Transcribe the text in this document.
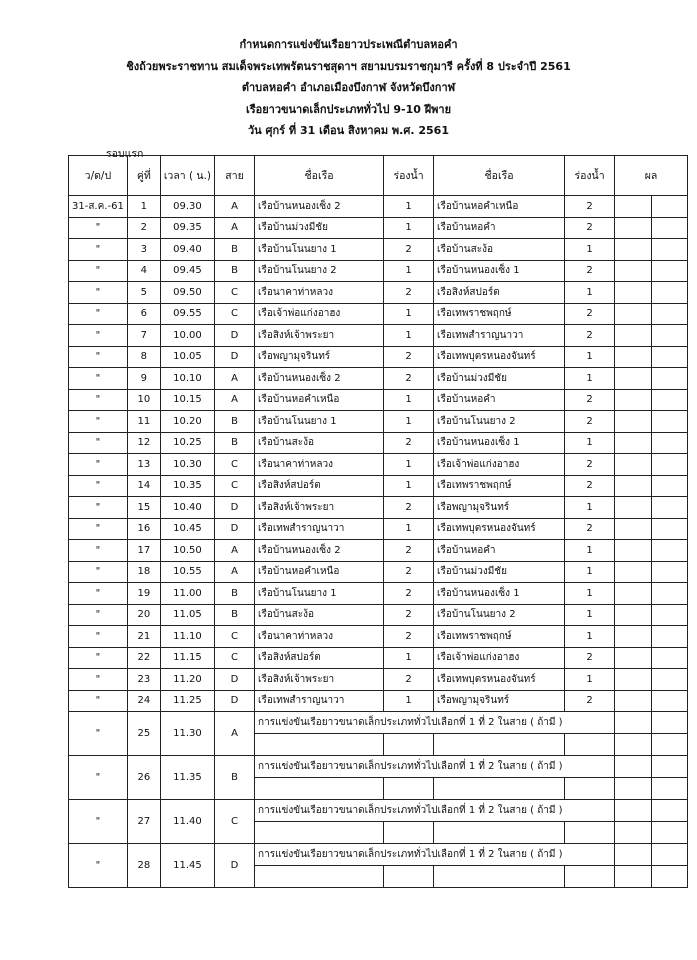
กำหนดการแข่งขันเรือยาวประเพณีตำบลหอคำ
ชิงถ้วยพระราชทาน สมเด็จพระเทพรัตนราชสุดาฯ สยามบรมราชกุมารี ครั้งที่ 8 ประจำปี 2561
ตำบลหอคำ อำเภอเมืองบึงกาฬ จังหวัดบึงกาฬ
เรือยาวขนาดเล็กประเภททั่วไป 9-10 ฝีพาย
วัน ศุกร์ ที่ 31 เดือน สิงหาคม พ.ศ. 2561
รอบแรก
ว/ด/ป	คู่ที่	เวลา ( น.)	สาย	ชื่อเรือ	ร่องน้ำ	ชื่อเรือ	ร่องน้ำ	ผล	
31-ส.ค.-61	1	09.30	A	เรือบ้านหนองเซ็ง 2	1	เรือบ้านหอคำเหนือ	2		
"	2	09.35	A	เรือบ้านม่วงมีชัย	1	เรือบ้านหอคำ	2		
"	3	09.40	B	เรือบ้านโนนยาง 1	2	เรือบ้านสะง้อ	1		
"	4	09.45	B	เรือบ้านโนนยาง 2	1	เรือบ้านหนองเซ็ง 1	2		
"	5	09.50	C	เรือนาคาท่าหลวง	2	เรือสิงห์สปอร์ต	1		
"	6	09.55	C	เรือเจ้าพ่อแก่งอาฮง	1	เรือเทพราชพฤกษ์	2		
"	7	10.00	D	เรือสิงห์เจ้าพระยา	1	เรือเทพสำราญนาวา	2		
"	8	10.05	D	เรือพญามุจรินทร์	2	เรือเทพบุตรหนองจันทร์	1		
"	9	10.10	A	เรือบ้านหนองเซ็ง 2	2	เรือบ้านม่วงมีชัย	1		
"	10	10.15	A	เรือบ้านหอคำเหนือ	1	เรือบ้านหอคำ	2		
"	11	10.20	B	เรือบ้านโนนยาง 1	1	เรือบ้านโนนยาง 2	2		
"	12	10.25	B	เรือบ้านสะง้อ	2	เรือบ้านหนองเซ็ง 1	1		
"	13	10.30	C	เรือนาคาท่าหลวง	1	เรือเจ้าพ่อแก่งอาฮง	2		
"	14	10.35	C	เรือสิงห์สปอร์ต	1	เรือเทพราชพฤกษ์	2		
"	15	10.40	D	เรือสิงห์เจ้าพระยา	2	เรือพญามุจรินทร์	1		
"	16	10.45	D	เรือเทพสำราญนาวา	1	เรือเทพบุตรหนองจันทร์	2		
"	17	10.50	A	เรือบ้านหนองเซ็ง 2	2	เรือบ้านหอคำ	1		
"	18	10.55	A	เรือบ้านหอคำเหนือ	2	เรือบ้านม่วงมีชัย	1		
"	19	11.00	B	เรือบ้านโนนยาง 1	2	เรือบ้านหนองเซ็ง 1	1		
"	20	11.05	B	เรือบ้านสะง้อ	2	เรือบ้านโนนยาง 2	1		
"	21	11.10	C	เรือนาคาท่าหลวง	2	เรือเทพราชพฤกษ์	1		
"	22	11.15	C	เรือสิงห์สปอร์ต	1	เรือเจ้าพ่อแก่งอาฮง	2		
"	23	11.20	D	เรือสิงห์เจ้าพระยา	2	เรือเทพบุตรหนองจันทร์	1		
"	24	11.25	D	เรือเทพสำราญนาวา	1	เรือพญามุจรินทร์	2		
"	25	11.30	A	การแข่งขันเรือยาวขนาดเล็กประเภททั่วไปเลือกที่ 1 ที่ 2 ในสาย ( ถ้ามี )					

"	26	11.35	B	การแข่งขันเรือยาวขนาดเล็กประเภททั่วไปเลือกที่ 1 ที่ 2 ในสาย ( ถ้ามี )					

"	27	11.40	C	การแข่งขันเรือยาวขนาดเล็กประเภททั่วไปเลือกที่ 1 ที่ 2 ในสาย ( ถ้ามี )					

"	28	11.45	D	การแข่งขันเรือยาวขนาดเล็กประเภททั่วไปเลือกที่ 1 ที่ 2 ในสาย ( ถ้ามี )					
